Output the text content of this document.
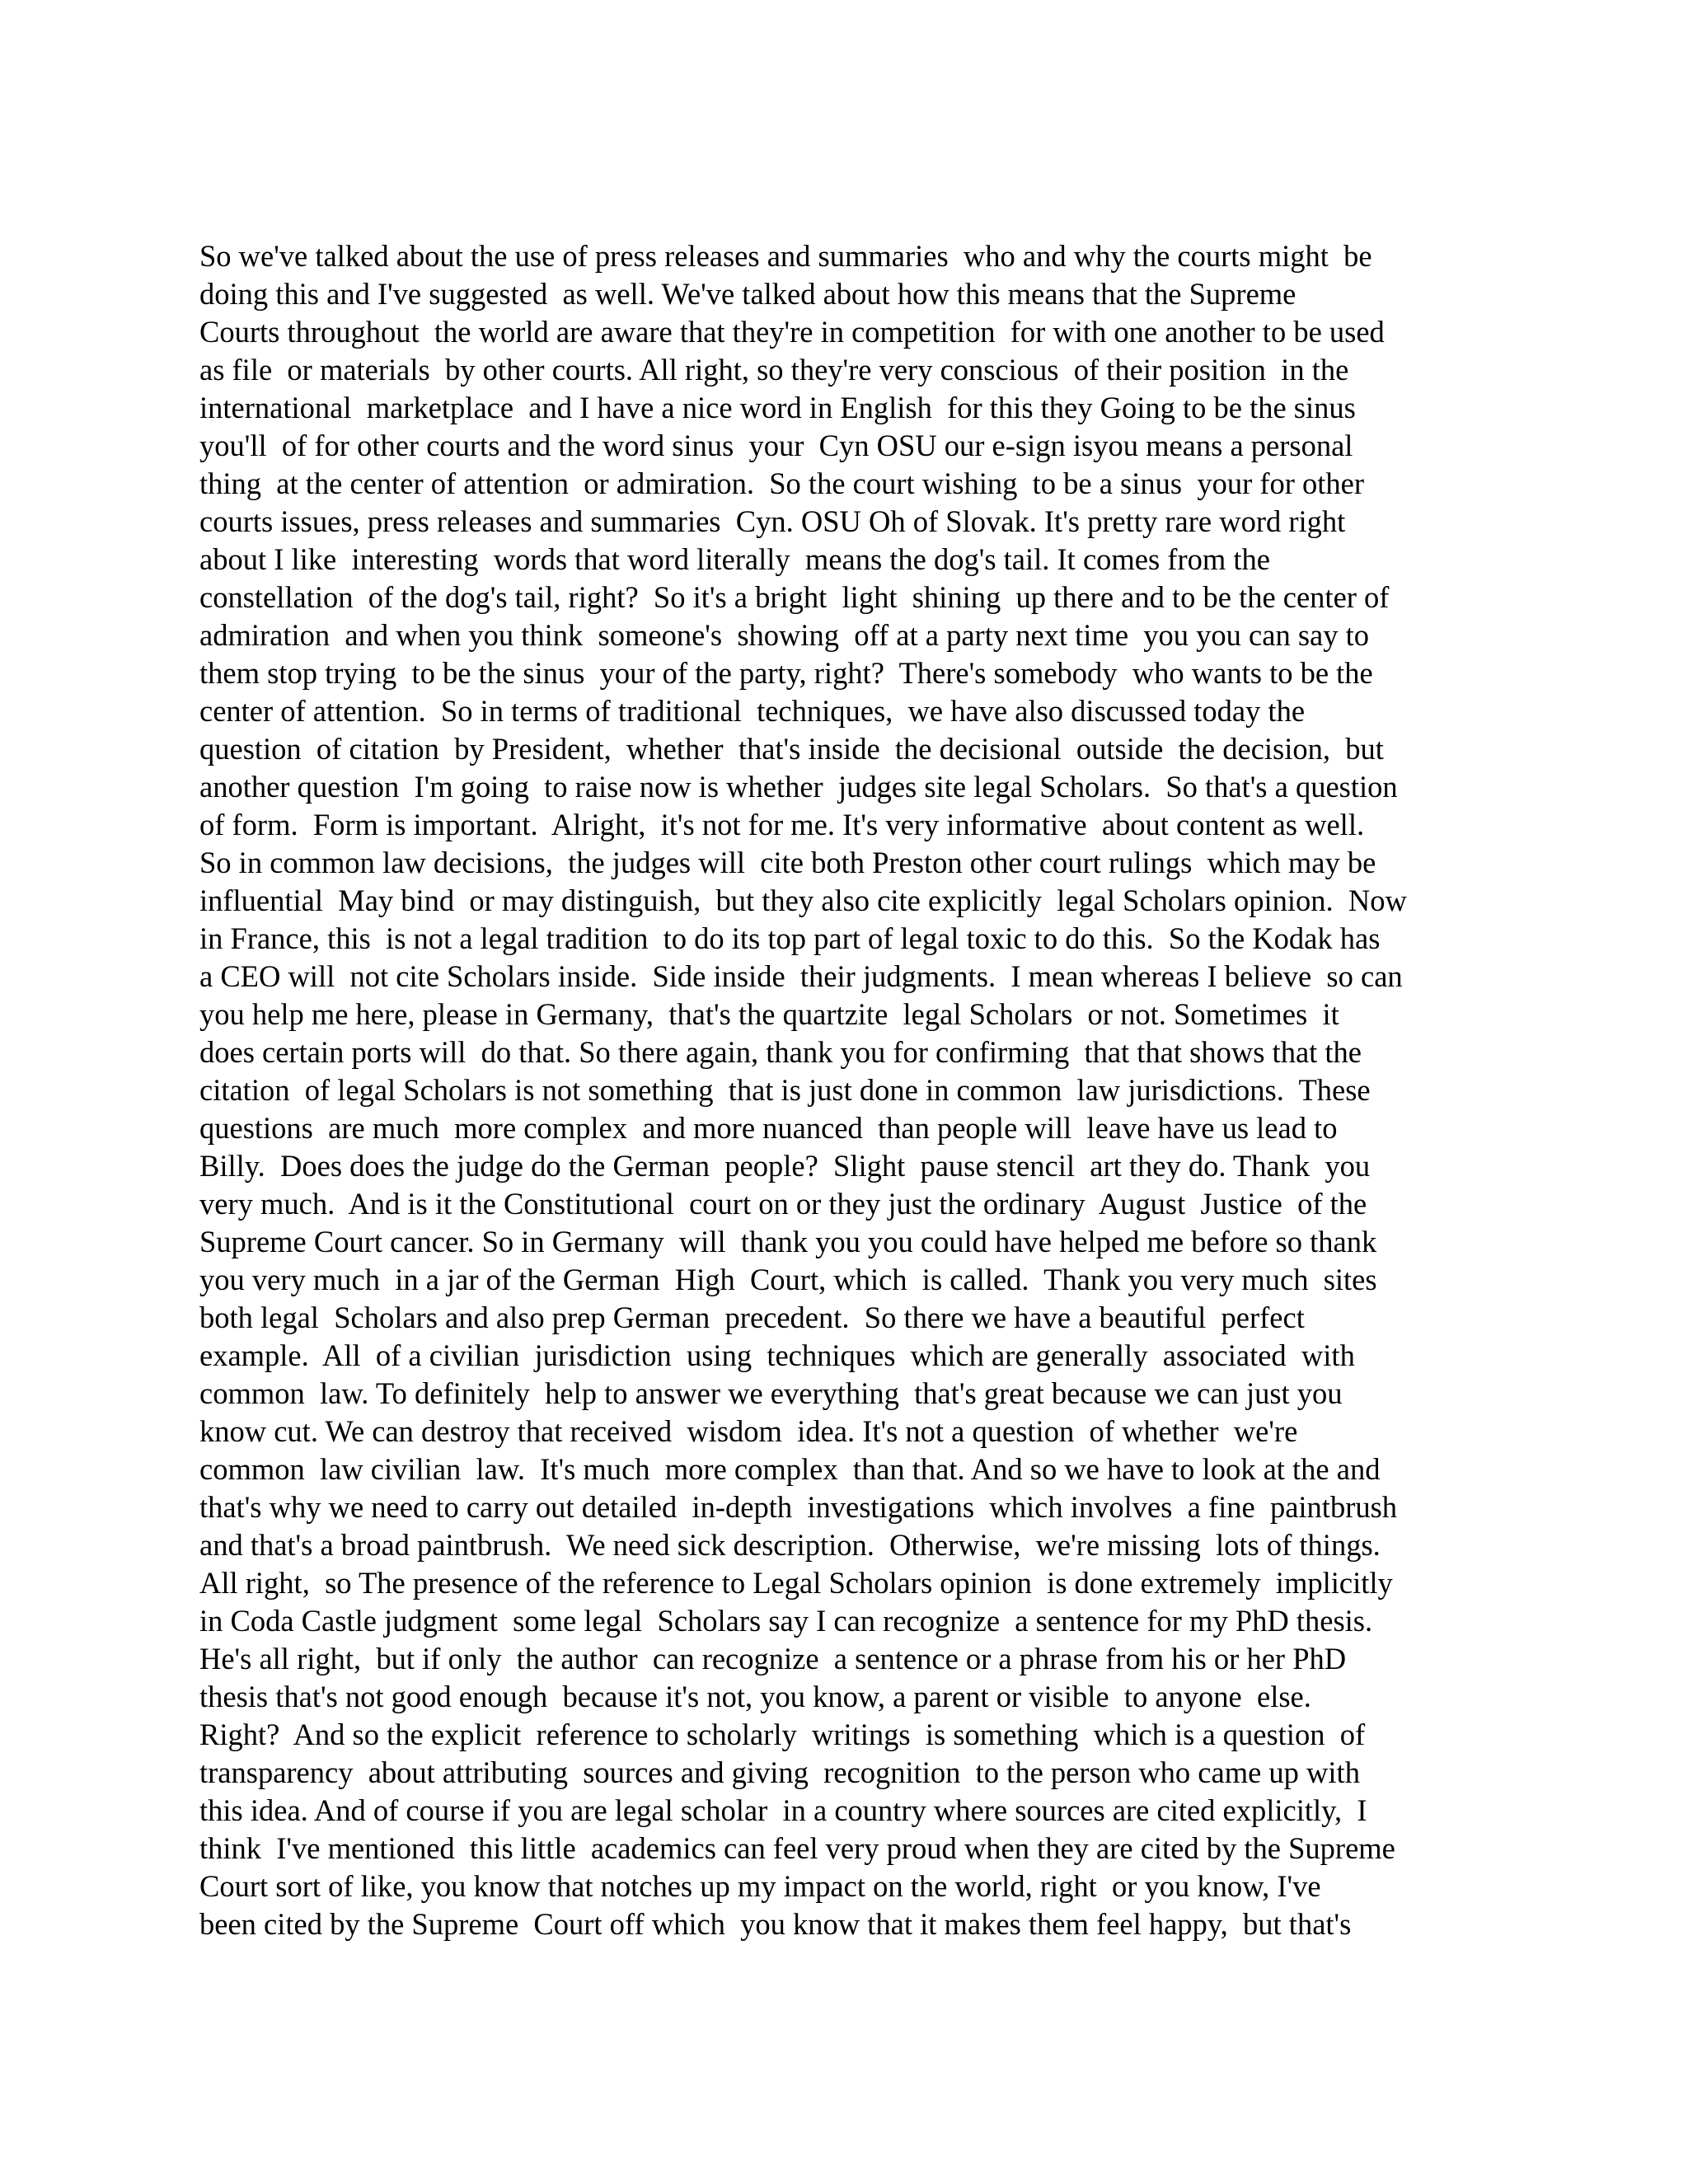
So we've talked about the use of press releases and summaries  who and why the courts might  be
doing this and I've suggested  as well. We've talked about how this means that the Supreme
Courts throughout  the world are aware that they're in competition  for with one another to be used
as file  or materials  by other courts. All right, so they're very conscious  of their position  in the
international  marketplace  and I have a nice word in English  for this they Going to be the sinus
you'll  of for other courts and the word sinus  your  Cyn OSU our e-sign isyou means a personal
thing  at the center of attention  or admiration.  So the court wishing  to be a sinus  your for other
courts issues, press releases and summaries  Cyn. OSU Oh of Slovak. It's pretty rare word right
about I like  interesting  words that word literally  means the dog's tail. It comes from the
constellation  of the dog's tail, right?  So it's a bright  light  shining  up there and to be the center of
admiration  and when you think  someone's  showing  off at a party next time  you you can say to
them stop trying  to be the sinus  your of the party, right?  There's somebody  who wants to be the
center of attention.  So in terms of traditional  techniques,  we have also discussed today the
question  of citation  by President,  whether  that's inside  the decisional  outside  the decision,  but
another question  I'm going  to raise now is whether  judges site legal Scholars.  So that's a question
of form.  Form is important.  Alright,  it's not for me. It's very informative  about content as well.
So in common law decisions,  the judges will  cite both Preston other court rulings  which may be
influential  May bind  or may distinguish,  but they also cite explicitly  legal Scholars opinion.  Now
in France, this  is not a legal tradition  to do its top part of legal toxic to do this.  So the Kodak has
a CEO will  not cite Scholars inside.  Side inside  their judgments.  I mean whereas I believe  so can
you help me here, please in Germany,  that's the quartzite  legal Scholars  or not. Sometimes  it
does certain ports will  do that. So there again, thank you for confirming  that that shows that the
citation  of legal Scholars is not something  that is just done in common  law jurisdictions.  These
questions  are much  more complex  and more nuanced  than people will  leave have us lead to
Billy.  Does does the judge do the German  people?  Slight  pause stencil  art they do. Thank  you
very much.  And is it the Constitutional  court on or they just the ordinary  August  Justice  of the
Supreme Court cancer. So in Germany  will  thank you you could have helped me before so thank
you very much  in a jar of the German  High  Court, which  is called.  Thank you very much  sites
both legal  Scholars and also prep German  precedent.  So there we have a beautiful  perfect
example.  All  of a civilian  jurisdiction  using  techniques  which are generally  associated  with
common  law. To definitely  help to answer we everything  that's great because we can just you
know cut. We can destroy that received  wisdom  idea. It's not a question  of whether  we're
common  law civilian  law.  It's much  more complex  than that. And so we have to look at the and
that's why we need to carry out detailed  in-depth  investigations  which involves  a fine  paintbrush
and that's a broad paintbrush.  We need sick description.  Otherwise,  we're missing  lots of things.
All right,  so The presence of the reference to Legal Scholars opinion  is done extremely  implicitly
in Coda Castle judgment  some legal  Scholars say I can recognize  a sentence for my PhD thesis.
He's all right,  but if only  the author  can recognize  a sentence or a phrase from his or her PhD
thesis that's not good enough  because it's not, you know, a parent or visible  to anyone  else.
Right?  And so the explicit  reference to scholarly  writings  is something  which is a question  of
transparency  about attributing  sources and giving  recognition  to the person who came up with
this idea. And of course if you are legal scholar  in a country where sources are cited explicitly,  I
think  I've mentioned  this little  academics can feel very proud when they are cited by the Supreme
Court sort of like, you know that notches up my impact on the world, right  or you know, I've
been cited by the Supreme  Court off which  you know that it makes them feel happy,  but that's
